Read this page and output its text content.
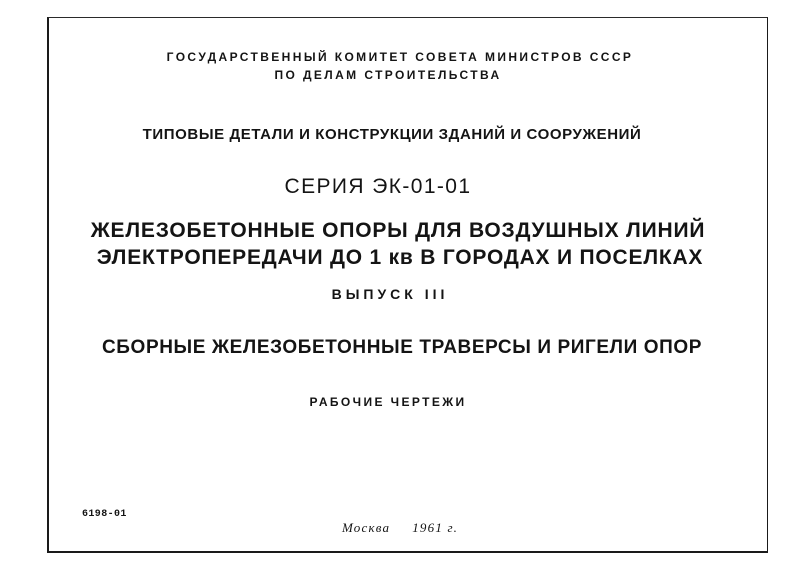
ГОСУДАРСТВЕННЫЙ КОМИТЕТ СОВЕТА МИНИСТРОВ СССР
ПО ДЕЛАМ СТРОИТЕЛЬСТВА
ТИПОВЫЕ ДЕТАЛИ И КОНСТРУКЦИИ ЗДАНИЙ И СООРУЖЕНИЙ
СЕРИЯ ЭК-01-01
ЖЕЛЕЗОБЕТОННЫЕ ОПОРЫ ДЛЯ ВОЗДУШНЫХ ЛИНИЙ
ЭЛЕКТРОПЕРЕДАЧИ ДО 1 кв В ГОРОДАХ И ПОСЕЛКАХ
ВЫПУСК III
СБОРНЫЕ ЖЕЛЕЗОБЕТОННЫЕ ТРАВЕРСЫ И РИГЕЛИ ОПОР
РАБОЧИЕ ЧЕРТЕЖИ
6198-01
Москва 1961 г.
